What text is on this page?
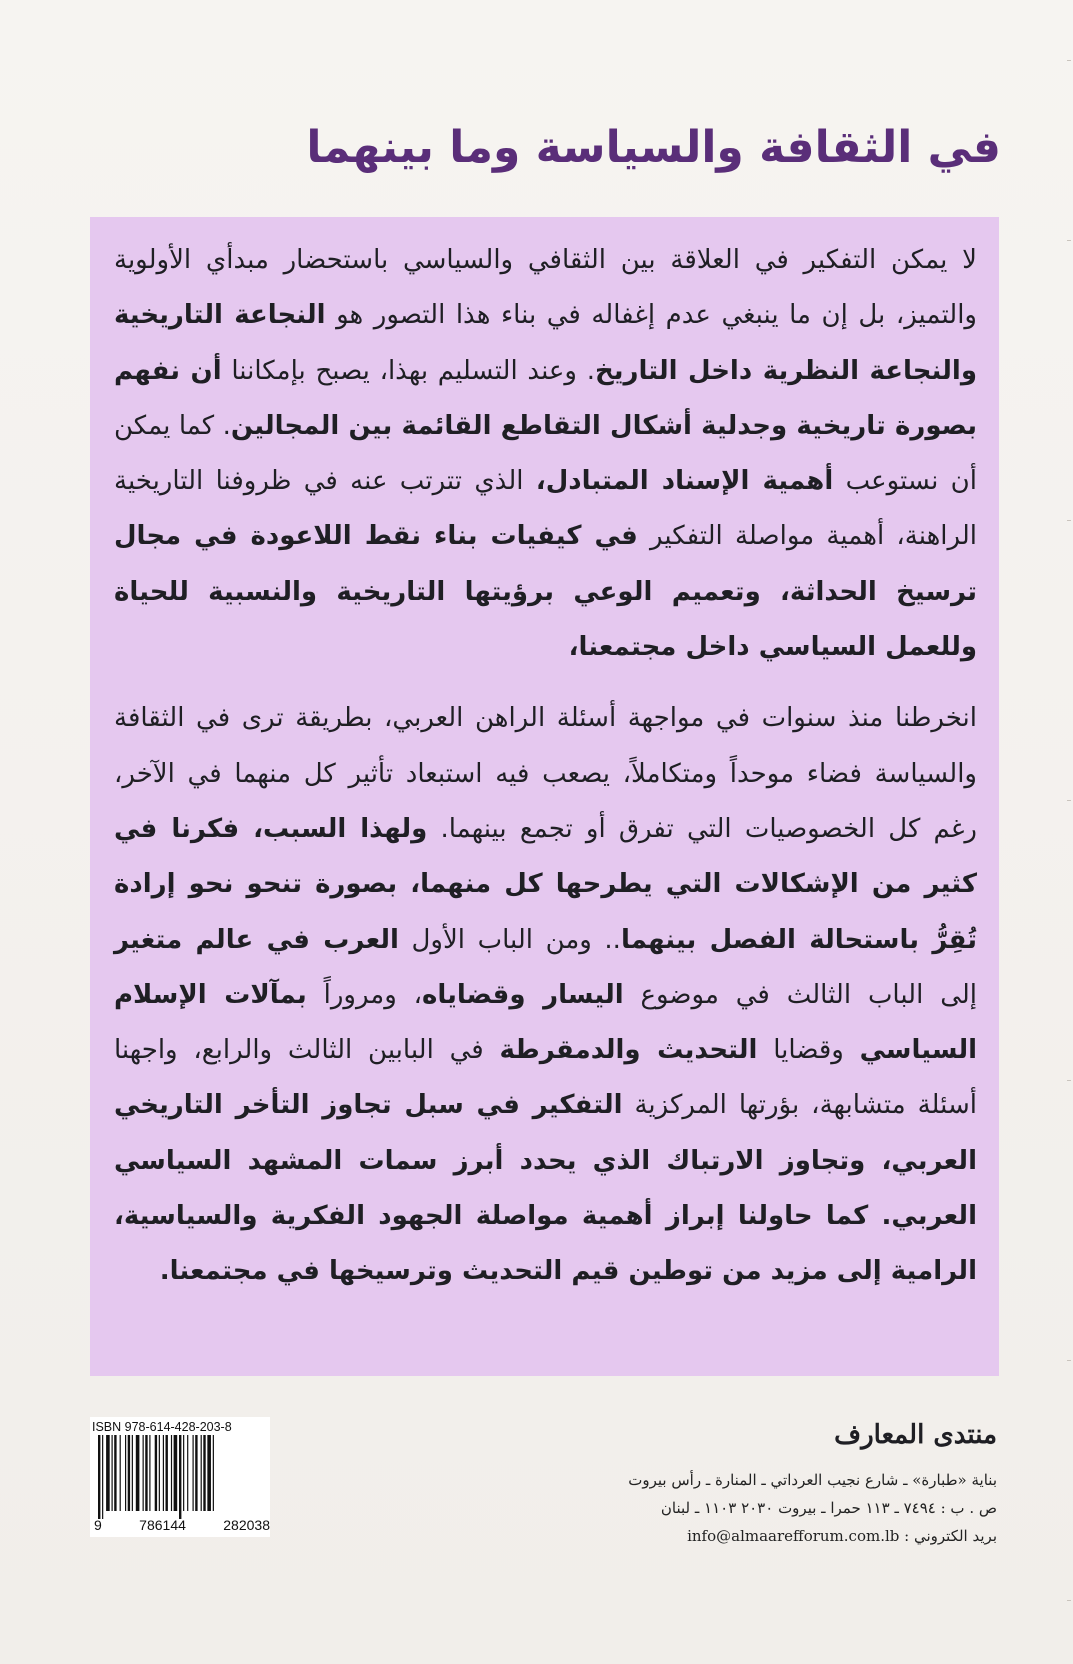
في الثقافة والسياسة وما بينهما

لا يمكن التفكير في العلاقة بين الثقافي والسياسي باستحضار مبدأي الأولوية والتميز، بل إن ما ينبغي عدم إغفاله في بناء هذا التصور هو النجاعة التاريخية والنجاعة النظرية داخل التاريخ. وعند التسليم بهذا، يصبح بإمكاننا أن نفهم بصورة تاريخية وجدلية أشكال التقاطع القائمة بين المجالين. كما يمكن أن نستوعب أهمية الإسناد المتبادل، الذي تترتب عنه في ظروفنا التاريخية الراهنة، أهمية مواصلة التفكير في كيفيات بناء نقط اللاعودة في مجال ترسيخ الحداثة، وتعميم الوعي برؤيتها التاريخية والنسبية للحياة وللعمل السياسي داخل مجتمعنا،

انخرطنا منذ سنوات في مواجهة أسئلة الراهن العربي، بطريقة ترى في الثقافة والسياسة فضاء موحداً ومتكاملاً، يصعب فيه استبعاد تأثير كل منهما في الآخر، رغم كل الخصوصيات التي تفرق أو تجمع بينهما. ولهذا السبب، فكرنا في كثير من الإشكالات التي يطرحها كل منهما، بصورة تنحو نحو إرادة تُقِرُّ باستحالة الفصل بينهما.. ومن الباب الأول العرب في عالم متغير إلى الباب الثالث في موضوع اليسار وقضاياه، ومروراً بمآلات الإسلام السياسي وقضايا التحديث والدمقرطة في البابين الثالث والرابع، واجهنا أسئلة متشابهة، بؤرتها المركزية التفكير في سبل تجاوز التأخر التاريخي العربي، وتجاوز الارتباك الذي يحدد أبرز سمات المشهد السياسي العربي. كما حاولنا إبراز أهمية مواصلة الجهود الفكرية والسياسية، الرامية إلى مزيد من توطين قيم التحديث وترسيخها في مجتمعنا.

ISBN 978-614-428-203-8

9	786144	282038

منتدى المعارف

بناية «طبارة» ـ شارع نجيب العرداتي ـ المنارة ـ رأس بيروت

ص . ب : ٧٤٩٤ ـ ١١٣ حمرا ـ بيروت ٢٠٣٠ ١١٠٣ ـ لبنان

بريد الكتروني : info@almaarefforum.com.lb
